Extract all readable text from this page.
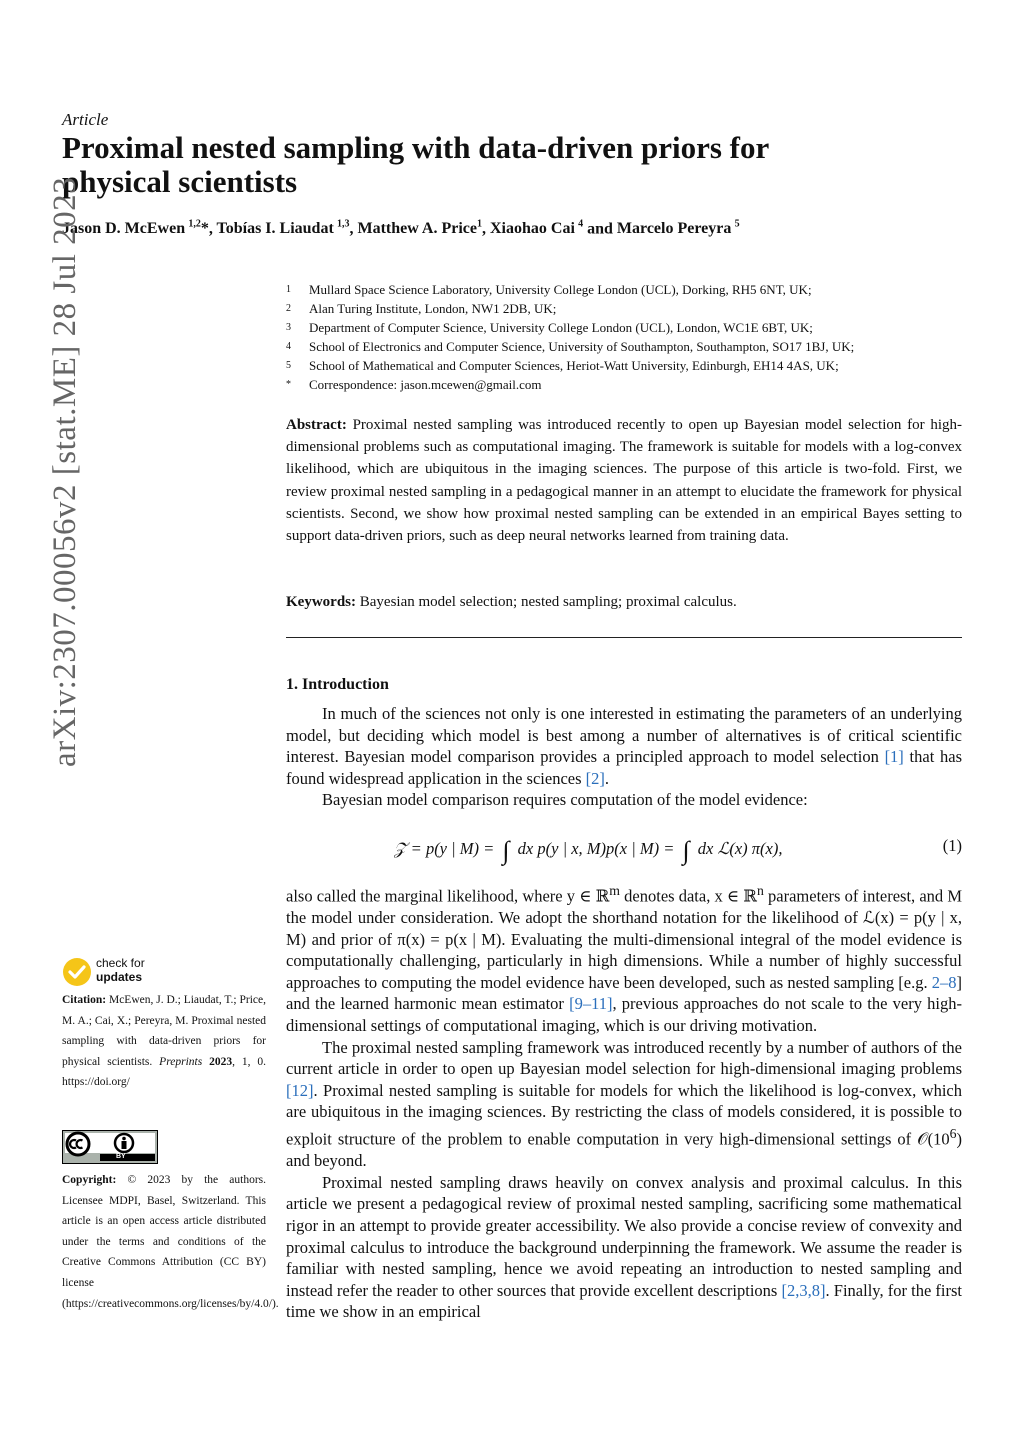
Article
Proximal nested sampling with data-driven priors for physical scientists
Jason D. McEwen  $^{1,2}$*, Tobías I. Liaudat  $^{1,3}$, Matthew A. Price$^1$, Xiaohao Cai  $^4$ and Marcelo Pereyra  $^5$
1	Mullard Space Science Laboratory, University College London (UCL), Dorking, RH5 6NT, UK;
2	Alan Turing Institute, London, NW1 2DB, UK;
3	Department of Computer Science, University College London (UCL), London, WC1E 6BT, UK;
4	School of Electronics and Computer Science, University of Southampton, Southampton, SO17 1BJ, UK;
5	School of Mathematical and Computer Sciences, Heriot-Watt University, Edinburgh, EH14 4AS, UK;
*	Correspondence: jason.mcewen@gmail.com
Abstract: Proximal nested sampling was introduced recently to open up Bayesian model selection for high-dimensional problems such as computational imaging. The framework is suitable for models with a log-convex likelihood, which are ubiquitous in the imaging sciences. The purpose of this article is two-fold. First, we review proximal nested sampling in a pedagogical manner in an attempt to elucidate the framework for physical scientists. Second, we show how proximal nested sampling can be extended in an empirical Bayes setting to support data-driven priors, such as deep neural networks learned from training data.
Keywords: Bayesian model selection; nested sampling; proximal calculus.
1. Introduction

In much of the sciences not only is one interested in estimating the parameters of an underlying model, but deciding which model is best among a number of alternatives is of critical scientific interest. Bayesian model comparison provides a principled approach to model selection [1] that has found widespread application in the sciences [2].

Bayesian model comparison requires computation of the model evidence:

𝒵 = p(y | M) = ∫ dx p(y | x, M)p(x | M) = ∫ dx ℒ(x) π(x),	(1)

also called the marginal likelihood, where y ∈ ℝ$^m$ denotes data, x ∈ ℝ$^n$ parameters of interest, and M the model under consideration. We adopt the shorthand notation for the likelihood of ℒ(x) = p(y | x, M) and prior of π(x) = p(x | M). Evaluating the multi-dimensional integral of the model evidence is computationally challenging, particularly in high dimensions. While a number of highly successful approaches to computing the model evidence have been developed, such as nested sampling [e.g. 2–8] and the learned harmonic mean estimator [9–11], previous approaches do not scale to the very high-dimensional settings of computational imaging, which is our driving motivation.

The proximal nested sampling framework was introduced recently by a number of authors of the current article in order to open up Bayesian model selection for high-dimensional imaging problems [12]. Proximal nested sampling is suitable for models for which the likelihood is log-convex, which are ubiquitous in the imaging sciences. By restricting the class of models considered, it is possible to exploit structure of the problem to enable computation in very high-dimensional settings of $𝒪(10^6)$ and beyond.

Proximal nested sampling draws heavily on convex analysis and proximal calculus. In this article we present a pedagogical review of proximal nested sampling, sacrificing some mathematical rigor in an attempt to provide greater accessibility. We also provide a concise review of convexity and proximal calculus to introduce the background underpinning the framework. We assume the reader is familiar with nested sampling, hence we avoid repeating an introduction to nested sampling and instead refer the reader to other sources that provide excellent descriptions [2,3,8]. Finally, for the first time we show in an empirical

arXiv:2307.00056v2 [stat.ME] 28 Jul 2023
check for
updates
Citation: McEwen, J. D.; Liaudat, T.; Price, M. A.; Cai, X.; Pereyra, M. Proximal nested sampling with data-driven priors for physical scientists. Preprints 2023, 1, 0. https://doi.org/
BY
Copyright: © 2023 by the authors. Licensee MDPI, Basel, Switzerland. This article is an open access article distributed under the terms and conditions of the Creative Commons Attribution (CC BY) license (https://creativecommons.org/licenses/by/4.0/).
